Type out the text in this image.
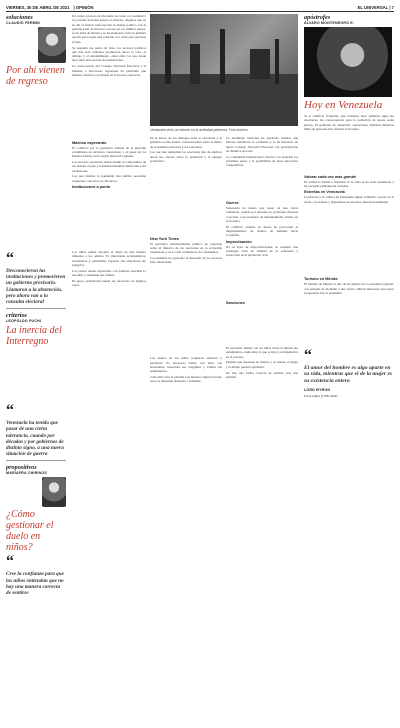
VIERNES, 30 DE ABRIL DE 2021 | OPINIÓN	EL UNIVERSAL | 7

soluciones

CLAUDIO FERMÍN

Por ahí vienen de regreso

“

Desconocieron las instituciones y promovieron un gobierno provisorio. Llamaron a la abstención, pero ahora van a la consulta electoral

criterios

LEOPOLDO PUCHI

La inercia del Interregno

“

Venezuela ha tenido que pasar de una cierta tolerancia, cuando por décadas y por gobiernos de distinto signo, a una nueva situación de guerra

propositivos

MARIAFRA CHIRINOS

¿Cómo gestionar el duelo en niños?

“

Cree la confianza para que los niños entiendan que no hay una manera correcta de sentirse

Un centro proceso de discusión en torno a la realidad y el porvenir nacional parece en marcha. Algunos que en su día se fueron reincorporan al debate político con la participación de diversos actores en los últimos meses, es un tema de interés y se ha planteado como la primera opción para lograr una solución a la crisis que atraviesa el país.

Se respalda ese punto de vista, los sectores políticos que han sido radicales promueven ahora el voto, el diálogo y el entendimiento, entre ellos los que desde hace años desconocen las instituciones.

La convocatoria del Consejo Nacional Electoral y el llamado a elecciones regionales ha permitido que muchos vuelvan a participar en el proceso electoral.

Máximo esperando

El conflicto por la presencia armada de la guerrilla colombiana en territorio venezolano y el papel de los Estados Unidos en la región marcan la agenda.

Los sectores opositores deben asumir el compromiso de reconstruir el país y la institucionalidad democrática sin exclusiones.

Los que durante la pandemia han sufrido necesitan respuestas concretas, no discursos.

Instituciones a punto

Los niños suelen afrontar el duelo de una manera diferente a los adultos. Es importante acompañarlos, escucharlos y permitirles expresar sus emociones sin juzgarlos.

Los padres deben explicarles con palabras sencillas lo sucedido y mantener sus rutinas.

El apoyo profesional puede ser necesario en algunos casos.

Venezuela vivió un rebrote en la actividad petrolera. Foto Archivo

En el marco de los diálogos entre la oposición y el gobierno se han abierto conversaciones sobre el futuro de la industria petrolera y las sanciones.

Los que han defendido las sanciones han de explicar ahora sus efectos sobre la población y el aparato productivo.

New York Times

El periódico estadounidense publicó un reportaje sobre el impacto de las sanciones en la economía venezolana y en la vida cotidiana de los ciudadanos.

La pandemia ha agravado la situación de los sectores más vulnerables.

Los duelos en los niños requieren atención y paciencia. Es necesario hablar con ellos con honestidad, responder sus preguntas y validar sus sentimientos.

Cada niño vive la pérdida a su manera; algunos lloran, otros se muestran distantes o irritables.

La Asamblea Nacional ha aprobado normas que buscan restablecer la confianza y se ha instalado un nuevo Consejo Nacional Electoral con participación de distintos sectores.

La comunidad internacional observa con atención los próximos pasos y la posibilidad de unas elecciones competitivas.

Guerra

Venezuela ha tenido que pasar de una cierta tolerancia, cuando por décadas los gobiernos miraron a un lado, a un escenario de enfrentamiento abierto en la frontera.

El conflicto armado en Apure ha provocado el desplazamiento de cientos de familias hacia Colombia.

Improvisación

No es hora de improvisaciones; se requiere una estrategia clara de defensa de la soberanía y protección de la población civil.

Sanciones

Es necesario hablar con los niños sobre la muerte sin eufemismos, explicarles lo que ocurre y acompañarlos en el proceso.

Permita que expresen su tristeza y su miedo; el juego y el dibujo pueden ayudarles.

No hay una forma correcta de sentirse ante una pérdida.

apóstrofes

ÁLVARO MONTENEGRO E.

Hoy en Venezuela

Si el conflicto fronterizo que comenzó hace semanas sigue sin resolverse, las consecuencias para la población de Apure serán graves. El gobierno ha anunciado operaciones militares mientras miles de personas han cruzado la frontera.

Valorar cada vez más grande

El comercio formal e informal en la zona se ha visto paralizado y las escuelas permanecen cerradas.

Estrellas en Venezuela

La historia y la cultura de Venezuela siguen brillando a pesar de la crisis, con artistas y deportistas reconocidos internacionalmente.

Turismo en Mérida

El turismo de Mérida es uno de los pilares de la economía regional, con paisajes de montaña y una oferta cultural destacada que busca recuperarse tras la pandemia.

“

El amor del hombre es algo aparte en su vida, mientras que el de la mujer es su existencia entera

LORD BYRON

Poeta inglés (1788-1824)
